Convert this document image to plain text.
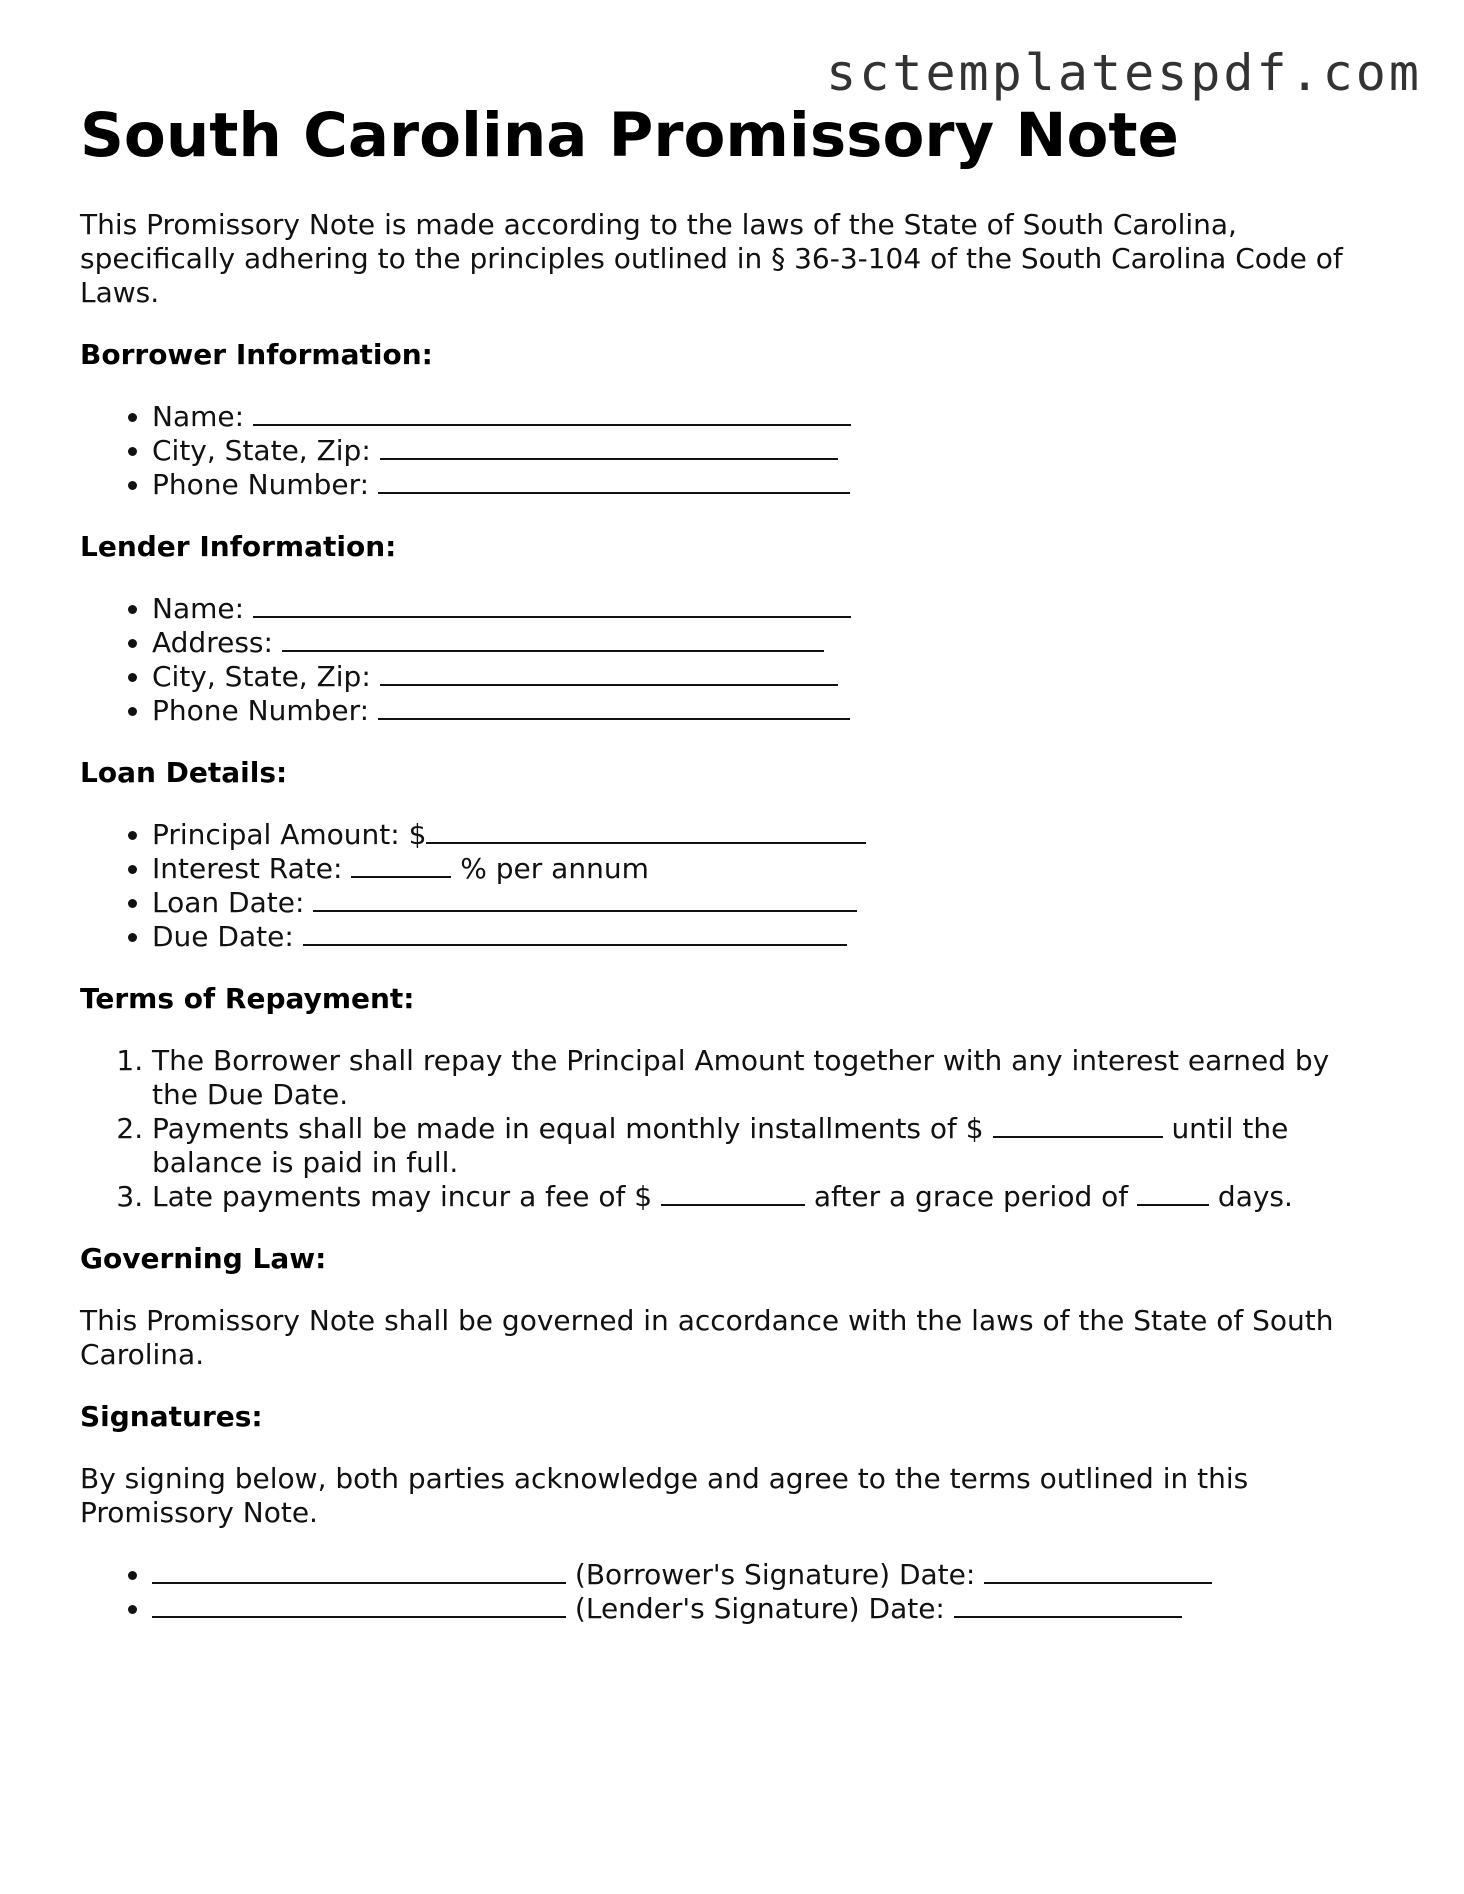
sctemplatespdf.com
South Carolina Promissory Note

This Promissory Note is made according to the laws of the State of South Carolina, specifically adhering to the principles outlined in § 36-3-104 of the South Carolina Code of Laws.

Borrower Information:
• Name:
• City, State, Zip:
• Phone Number:
Lender Information:
• Name:
• Address:
• City, State, Zip:
• Phone Number:
Loan Details:
• Principal Amount: $
• Interest Rate:	% per annum
• Loan Date:
• Due Date:
Terms of Repayment:
1. The Borrower shall repay the Principal Amount together with any interest earned by the Due Date.
2. Payments shall be made in equal monthly installments of $	until the balance is paid in full.
3. Late payments may incur a fee of $	after a grace period of	days.
Governing Law:

This Promissory Note shall be governed in accordance with the laws of the State of South Carolina.

Signatures:

By signing below, both parties acknowledge and agree to the terms outlined in this Promissory Note.

• (Borrower's Signature) Date:
• (Lender's Signature) Date:
